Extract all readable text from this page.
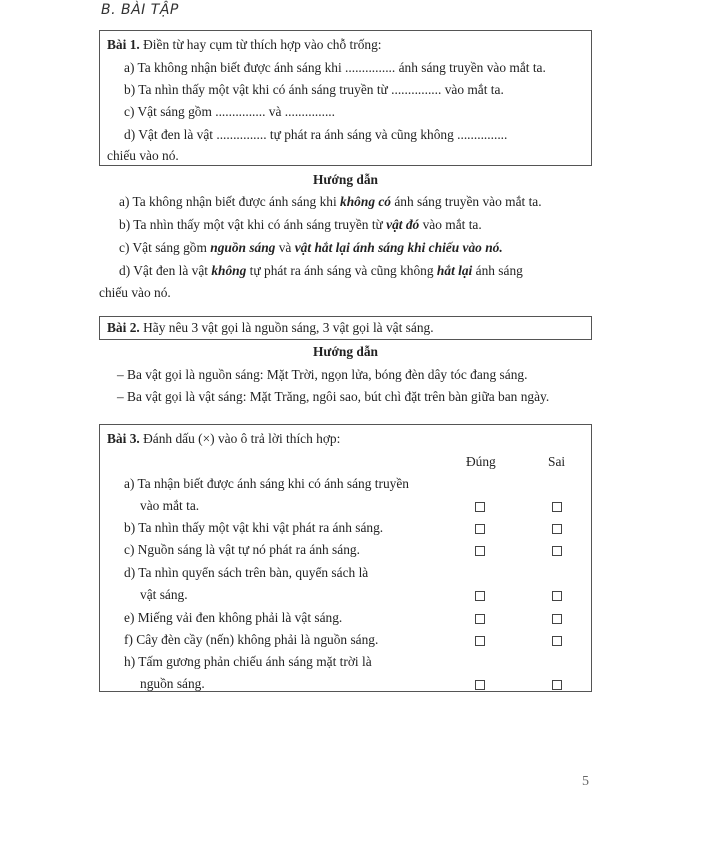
B. BÀI TẬP
Bài 1. Điền từ hay cụm từ thích hợp vào chỗ trống:
a) Ta không nhận biết được ánh sáng khi ............... ánh sáng truyền vào mắt ta.
b) Ta nhìn thấy một vật khi có ánh sáng truyền từ ............... vào mắt ta.
c) Vật sáng gồm ............... và ...............
d) Vật đen là vật ............... tự phát ra ánh sáng và cũng không ...............
chiếu vào nó.
Hướng dẫn
a) Ta không nhận biết được ánh sáng khi không có ánh sáng truyền vào mắt ta.
b) Ta nhìn thấy một vật khi có ánh sáng truyền từ vật đó vào mắt ta.
c) Vật sáng gồm nguồn sáng và vật hắt lại ánh sáng khi chiếu vào nó.
d) Vật đen là vật không tự phát ra ánh sáng và cũng không hắt lại ánh sáng
chiếu vào nó.
Bài 2. Hãy nêu 3 vật gọi là nguồn sáng, 3 vật gọi là vật sáng.
Hướng dẫn
– Ba vật gọi là nguồn sáng: Mặt Trời, ngọn lửa, bóng đèn dây tóc đang sáng.
– Ba vật gọi là vật sáng: Mặt Trăng, ngôi sao, bút chì đặt trên bàn giữa ban ngày.
Bài 3. Đánh dấu (×) vào ô trả lời thích hợp:
Đúng	Sai
a) Ta nhận biết được ánh sáng khi có ánh sáng truyền
vào mắt ta.
b) Ta nhìn thấy một vật khi vật phát ra ánh sáng.
c) Nguồn sáng là vật tự nó phát ra ánh sáng.
d) Ta nhìn quyển sách trên bàn, quyển sách là
vật sáng.
e) Miếng vải đen không phải là vật sáng.
f) Cây đèn cầy (nến) không phải là nguồn sáng.
h) Tấm gương phản chiếu ánh sáng mặt trời là
nguồn sáng.
5
